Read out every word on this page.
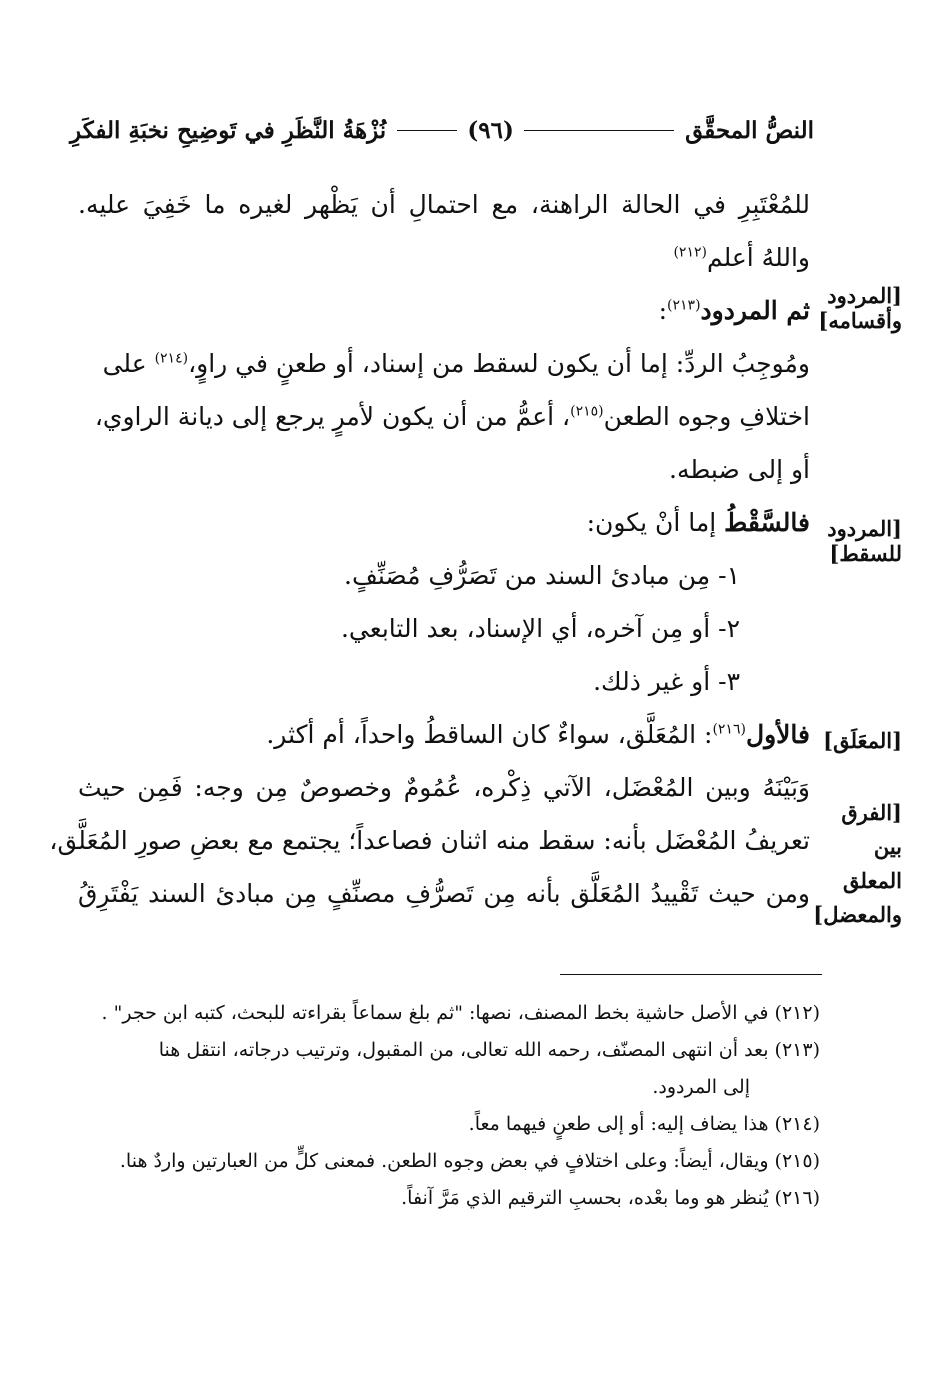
النصُّ المحقَّق
(٩٦)
نُزْهَةُ النَّظَرِ في تَوضِيحِ نخبَةِ الفكَرِ
للمُعْتَبِرِ في الحالة الراهنة، مع احتمالِ أن يَظْهر لغيره ما خَفِيَ عليه.
واللهُ أعلم$^{(٢١٢)}$
ثم المردود$^{(٢١٣)}$:
ومُوجِبُ الردِّ: إما أن يكون لسقط من إسناد، أو طعنٍ في راوٍ،$^{(٢١٤)}$ على
اختلافِ وجوه الطعن$^{(٢١٥)}$، أعمُّ من أن يكون لأمرٍ يرجع إلى ديانة الراوي،
أو إلى ضبطه.
فالسَّقْطُ إما أنْ يكون:
١- مِن مبادئ السند من تَصَرُّفِ مُصَنِّفٍ.
٢- أو مِن آخره، أي الإسناد، بعد التابعي.
٣- أو غير ذلك.
فالأول$^{(٢١٦)}$: المُعَلَّق، سواءٌ كان الساقطُ واحداً، أم أكثر.
وَبَيْنَهُ وبين المُعْضَل، الآتي ذِكْره، عُمُومٌ وخصوصٌ مِن وجه: فَمِن حيث
تعريفُ المُعْضَل بأنه: سقط منه اثنان فصاعداً؛ يجتمع مع بعضِ صورِ المُعَلَّق،
ومن حيث تَقْييدُ المُعَلَّق بأنه مِن تَصرُّفِ مصنِّفٍ مِن مبادئ السند يَفْتَرِقُ
[المردود
وأقسامه]
[المردود
للسقط]
[المعَلَق]
[الفرق بين
المعلق
والمعضل]
(٢١٢) في الأصل حاشية بخط المصنف، نصها: "ثم بلغ سماعاً بقراءته للبحث، كتبه ابن حجر" .
(٢١٣) بعد أن انتهى المصنّف، رحمه الله تعالى، من المقبول، وترتيب درجاته، انتقل هنا
إلى المردود.
(٢١٤) هذا يضاف إليه: أو إلى طعنٍ فيهما معاً.
(٢١٥) ويقال، أيضاً: وعلى اختلافٍ في بعض وجوه الطعن. فمعنى كلٍّ من العبارتين واردٌ هنا.
(٢١٦) يُنظر هو وما بعْده، بحسبِ الترقيم الذي مَرَّ آنفاً.
